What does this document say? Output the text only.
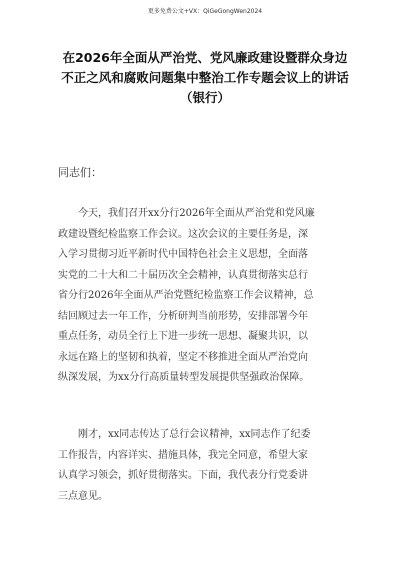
更多免费公文+VX：QiGeGongWen2024
在2026年全面从严治党、党风廉政建设暨群众身边
不正之风和腐败问题集中整治工作专题会议上的讲话
（银行）
同志们：
今天，我们召开xx分行2026年全面从严治党和党风廉
政建设暨纪检监察工作会议。这次会议的主要任务是，深
入学习贯彻习近平新时代中国特色社会主义思想，全面落
实党的二十大和二十届历次全会精神，认真贯彻落实总行
省分行2026年全面从严治党暨纪检监察工作会议精神，总
结回顾过去一年工作，分析研判当前形势，安排部署今年
重点任务，动员全行上下进一步统一思想、凝聚共识，以
永远在路上的坚韧和执着，坚定不移推进全面从严治党向
纵深发展，为xx分行高质量转型发展提供坚强政治保障。
刚才，xx同志传达了总行会议精神，xx同志作了纪委
工作报告，内容详实、措施具体，我完全同意，希望大家
认真学习领会，抓好贯彻落实。下面，我代表分行党委讲
三点意见。
